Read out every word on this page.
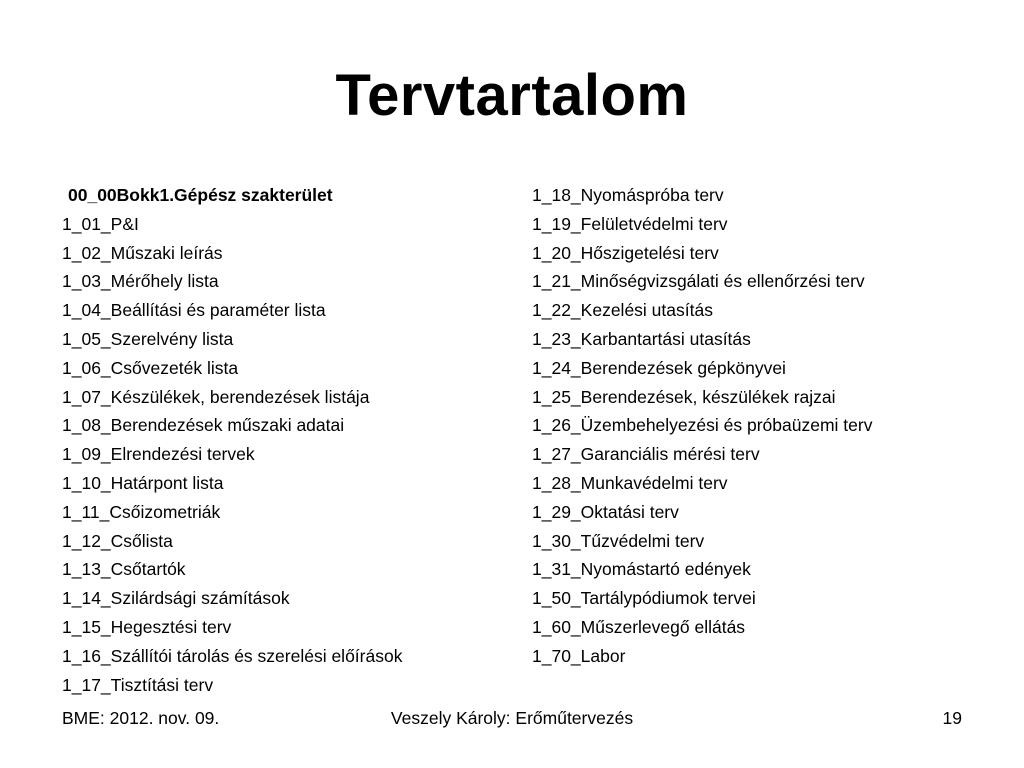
Tervtartalom
00_00Bokk1.Gépész szakterület
1_01_P&I
1_02_Műszaki leírás
1_03_Mérőhely lista
1_04_Beállítási és paraméter lista
1_05_Szerelvény lista
1_06_Csővezeték lista
1_07_Készülékek, berendezések listája
1_08_Berendezések műszaki adatai
1_09_Elrendezési tervek
1_10_Határpont lista
1_11_Csőizometriák
1_12_Csőlista
1_13_Csőtartók
1_14_Szilárdsági számítások
1_15_Hegesztési terv
1_16_Szállítói tárolás és szerelési előírások
1_17_Tisztítási terv
1_18_Nyomáspróba terv
1_19_Felületvédelmi terv
1_20_Hőszigetelési terv
1_21_Minőségvizsgálati és ellenőrzési terv
1_22_Kezelési utasítás
1_23_Karbantartási utasítás
1_24_Berendezések gépkönyvei
1_25_Berendezések, készülékek rajzai
1_26_Üzembehelyezési és próbaüzemi terv
1_27_Garanciális mérési terv
1_28_Munkavédelmi terv
1_29_Oktatási terv
1_30_Tűzvédelmi terv
1_31_Nyomástartó edények
1_50_Tartálypódiumok tervei
1_60_Műszerlevegő ellátás
1_70_Labor
BME: 2012. nov. 09.	Veszely Károly: Erőműtervezés	19
